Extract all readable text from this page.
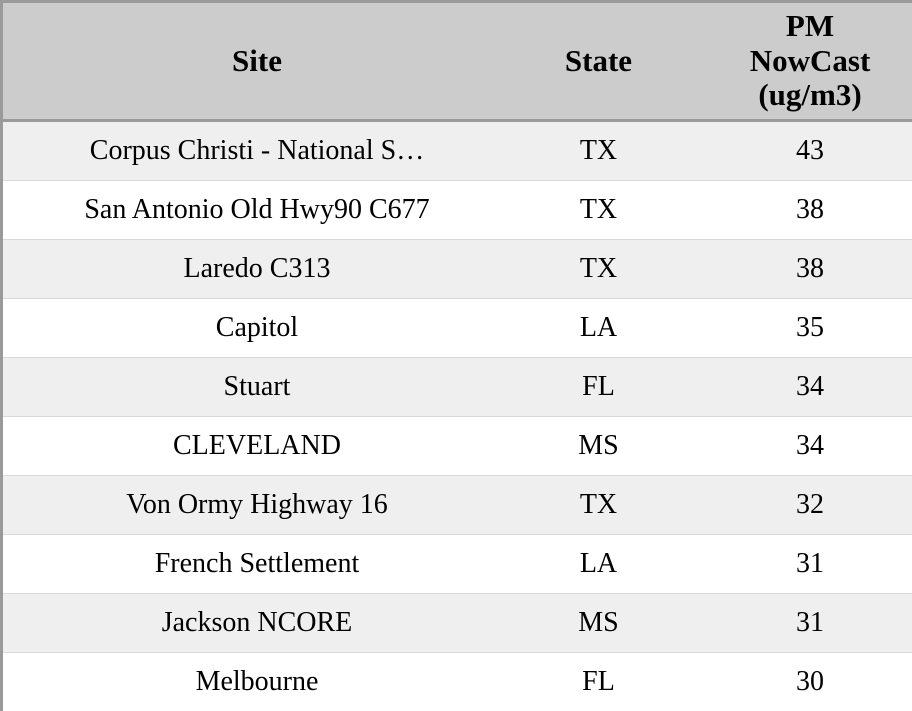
Site	State	PM
NowCast
(ug/m3)

Corpus Christi - National S…	TX	43
San Antonio Old Hwy90 C677	TX	38
Laredo C313	TX	38
Capitol	LA	35
Stuart	FL	34
CLEVELAND	MS	34
Von Ormy Highway 16	TX	32
French Settlement	LA	31
Jackson NCORE	MS	31
Melbourne	FL	30
